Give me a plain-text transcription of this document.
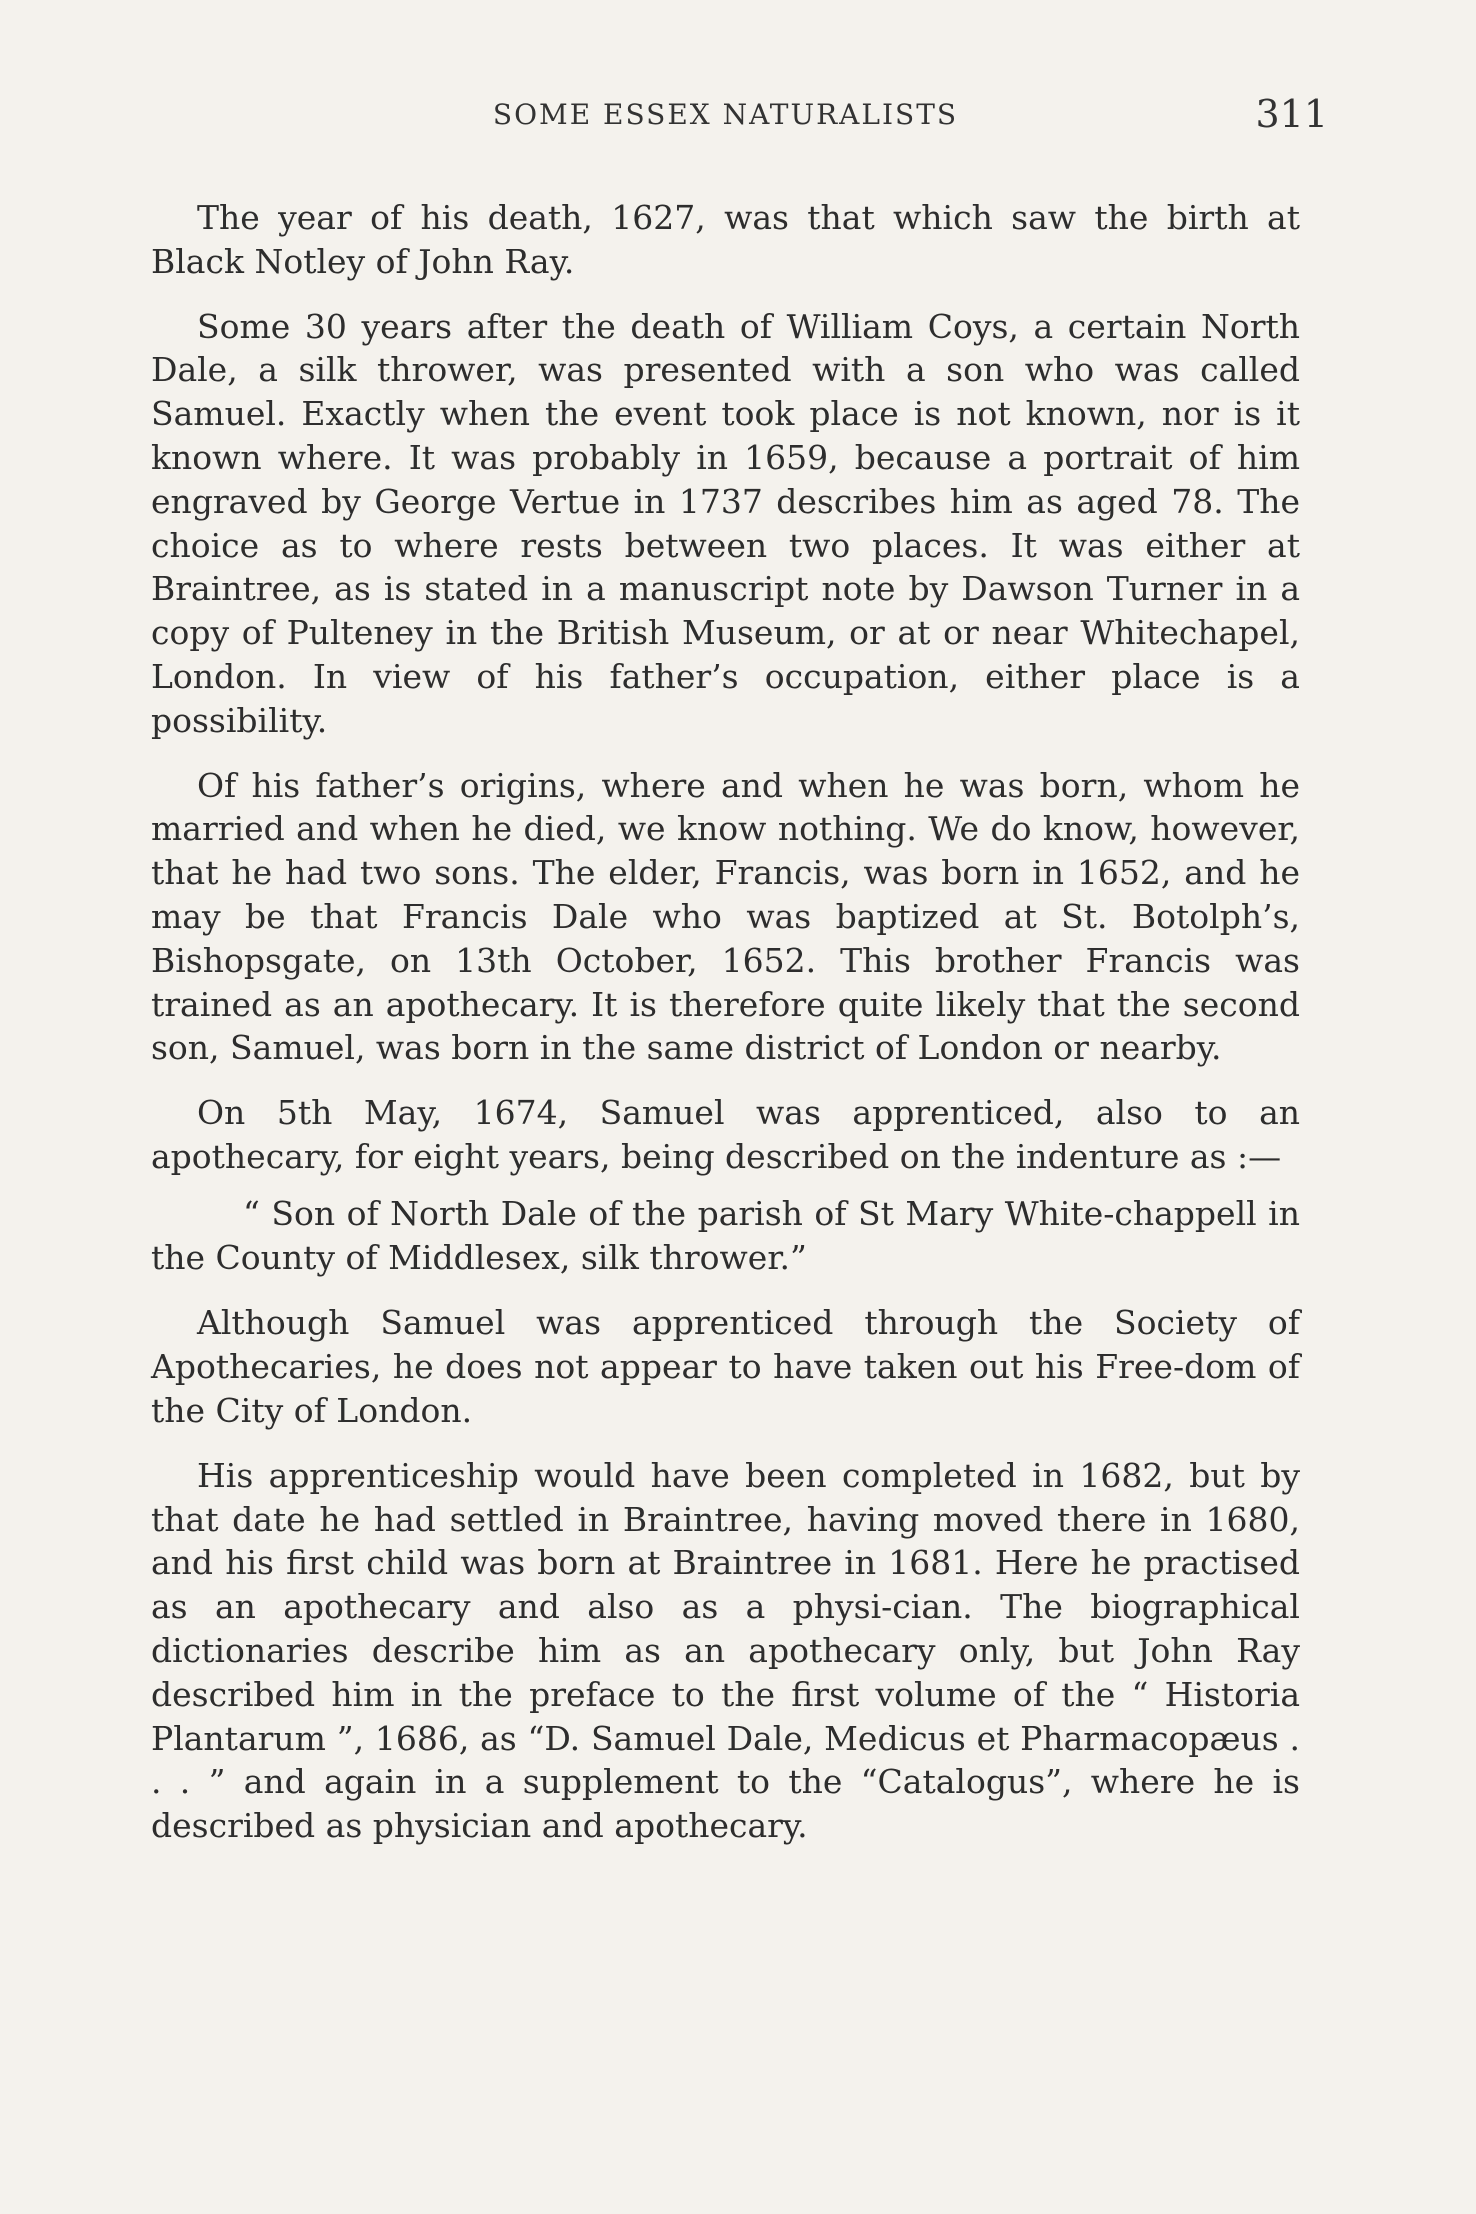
SOME ESSEX NATURALISTS	311

The year of his death, 1627, was that which saw the birth at Black Notley of John Ray.

Some 30 years after the death of William Coys, a certain North Dale, a silk thrower, was presented with a son who was called Samuel. Exactly when the event took place is not known, nor is it known where. It was probably in 1659, because a portrait of him engraved by George Vertue in 1737 describes him as aged 78. The choice as to where rests between two places. It was either at Braintree, as is stated in a manuscript note by Dawson Turner in a copy of Pulteney in the British Museum, or at or near Whitechapel, London. In view of his father’s occupation, either place is a possibility.

Of his father’s origins, where and when he was born, whom he married and when he died, we know nothing. We do know, however, that he had two sons. The elder, Francis, was born in 1652, and he may be that Francis Dale who was baptized at St. Botolph’s, Bishopsgate, on 13th October, 1652. This brother Francis was trained as an apothecary. It is therefore quite likely that the second son, Samuel, was born in the same district of London or nearby.

On 5th May, 1674, Samuel was apprenticed, also to an apothecary, for eight years, being described on the indenture as :—

“ Son of North Dale of the parish of St Mary White-chappell in the County of Middlesex, silk thrower.”

Although Samuel was apprenticed through the Society of Apothecaries, he does not appear to have taken out his Free-dom of the City of London.

His apprenticeship would have been completed in 1682, but by that date he had settled in Braintree, having moved there in 1680, and his first child was born at Braintree in 1681. Here he practised as an apothecary and also as a physi-cian. The biographical dictionaries describe him as an apothecary only, but John Ray described him in the preface to the first volume of the “ Historia Plantarum ”, 1686, as “D. Samuel Dale, Medicus et Pharmacopæus . . . ” and again in a supplement to the “Catalogus”, where he is described as physician and apothecary.
